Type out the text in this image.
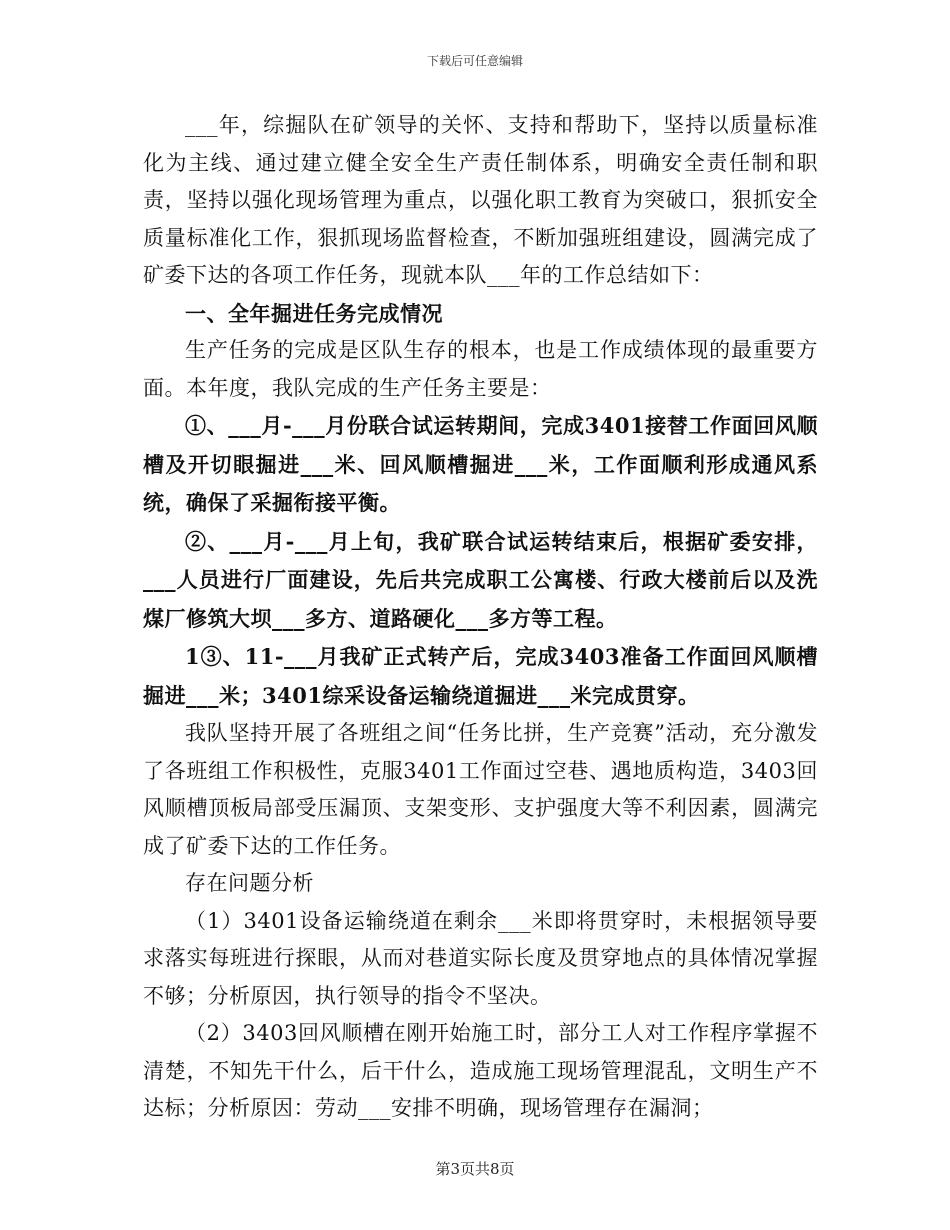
下载后可任意编辑

___年，综掘队在矿领导的关怀、支持和帮助下，坚持以质量标准化为主线、通过建立健全安全生产责任制体系，明确安全责任制和职责，坚持以强化现场管理为重点，以强化职工教育为突破口，狠抓安全质量标准化工作，狠抓现场监督检查，不断加强班组建设，圆满完成了矿委下达的各项工作任务，现就本队___年的工作总结如下：

一、全年掘进任务完成情况

生产任务的完成是区队生存的根本，也是工作成绩体现的最重要方面。本年度，我队完成的生产任务主要是：

①、___月-___月份联合试运转期间，完成3401接替工作面回风顺槽及开切眼掘进___米、回风顺槽掘进___米，工作面顺利形成通风系统，确保了采掘衔接平衡。

②、___月-___月上旬，我矿联合试运转结束后，根据矿委安排，___人员进行厂面建设，先后共完成职工公寓楼、行政大楼前后以及洗煤厂修筑大坝___多方、道路硬化___多方等工程。

1③、11-___月我矿正式转产后，完成3403准备工作面回风顺槽掘进___米；3401综采设备运输绕道掘进___米完成贯穿。

我队坚持开展了各班组之间“任务比拼，生产竞赛”活动，充分激发了各班组工作积极性，克服3401工作面过空巷、遇地质构造，3403回风顺槽顶板局部受压漏顶、支架变形、支护强度大等不利因素，圆满完成了矿委下达的工作任务。

存在问题分析

（1）3401设备运输绕道在剩余___米即将贯穿时，未根据领导要求落实每班进行探眼，从而对巷道实际长度及贯穿地点的具体情况掌握不够；分析原因，执行领导的指令不坚决。

（2）3403回风顺槽在刚开始施工时，部分工人对工作程序掌握不清楚，不知先干什么，后干什么，造成施工现场管理混乱，文明生产不达标；分析原因：劳动___安排不明确，现场管理存在漏洞；

第3页共8页
